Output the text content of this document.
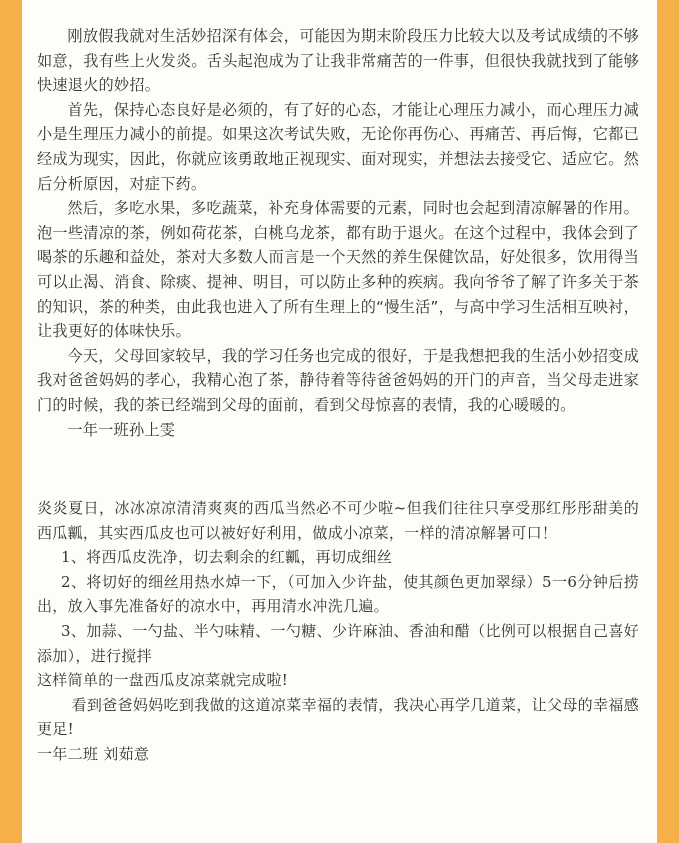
刚放假我就对生活妙招深有体会，可能因为期末阶段压力比较大以及考试成绩的不够如意，我有些上火发炎。舌头起泡成为了让我非常痛苦的一件事，但很快我就找到了能够快速退火的妙招。

首先，保持心态良好是必须的，有了好的心态，才能让心理压力减小，而心理压力减小是生理压力减小的前提。如果这次考试失败，无论你再伤心、再痛苦、再后悔，它都已经成为现实，因此，你就应该勇敢地正视现实、面对现实，并想法去接受它、适应它。然后分析原因，对症下药。

然后，多吃水果，多吃蔬菜，补充身体需要的元素，同时也会起到清凉解暑的作用。泡一些清凉的茶，例如荷花茶，白桃乌龙茶，都有助于退火。在这个过程中，我体会到了喝茶的乐趣和益处，茶对大多数人而言是一个天然的养生保健饮品，好处很多，饮用得当可以止渴、消食、除痰、提神、明目，可以防止多种的疾病。我向爷爷了解了许多关于茶的知识，茶的种类，由此我也进入了所有生理上的“慢生活”，与高中学习生活相互映衬，让我更好的体味快乐。

今天，父母回家较早，我的学习任务也完成的很好，于是我想把我的生活小妙招变成我对爸爸妈妈的孝心，我精心泡了茶，静待着等待爸爸妈妈的开门的声音，当父母走进家门的时候，我的茶已经端到父母的面前，看到父母惊喜的表情，我的心暖暖的。

一年一班孙上雯

炎炎夏日，冰冰凉凉清清爽爽的西瓜当然必不可少啦~但我们往往只享受那红彤彤甜美的西瓜瓤，其实西瓜皮也可以被好好利用，做成小凉菜，一样的清凉解暑可口！

1、将西瓜皮洗净，切去剩余的红瓤，再切成细丝

2、将切好的细丝用热水焯一下，（可加入少许盐，使其颜色更加翠绿）5一6分钟后捞出，放入事先准备好的凉水中，再用清水冲洗几遍。

3、加蒜、一勺盐、半勺味精、一勺糖、少许麻油、香油和醋（比例可以根据自己喜好添加），进行搅拌

这样简单的一盘西瓜皮凉菜就完成啦!

看到爸爸妈妈吃到我做的这道凉菜幸福的表情，我决心再学几道菜，让父母的幸福感更足!

一年二班 刘茹意
